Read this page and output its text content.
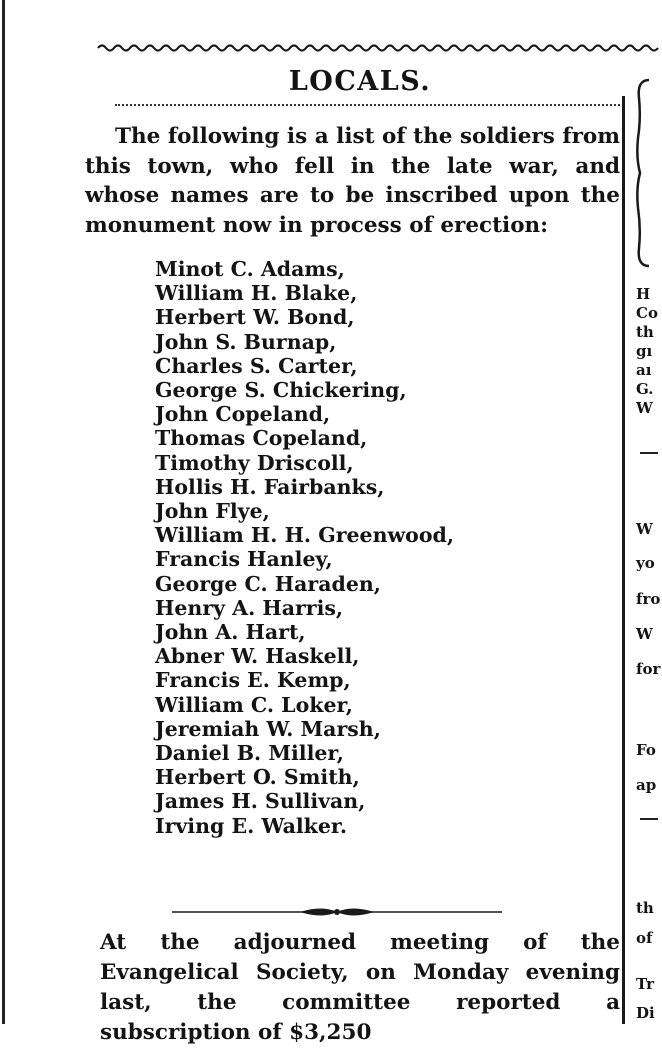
LOCALS.

The following is a list of the soldiers from this town, who fell in the late war, and whose names are to be inscribed upon the monument now in process of erection:

Minot C. Adams,
William H. Blake,
Herbert W. Bond,
John S. Burnap,
Charles S. Carter,
George S. Chickering,
John Copeland,
Thomas Copeland,
Timothy Driscoll,
Hollis H. Fairbanks,
John Flye,
William H. H. Greenwood,
Francis Hanley,
George C. Haraden,
Henry A. Harris,
John A. Hart,
Abner W. Haskell,
Francis E. Kemp,
William C. Loker,
Jeremiah W. Marsh,
Daniel B. Miller,
Herbert O. Smith,
James H. Sullivan,
Irving E. Walker.

At the adjourned meeting of the Evangelical Society, on Monday evening last, the committee reported a subscription of $3,250

H
Co
th
gı
aı
G.
W
W
yo
fro
W
for
Fo
ap
th
of
Tr
Di
